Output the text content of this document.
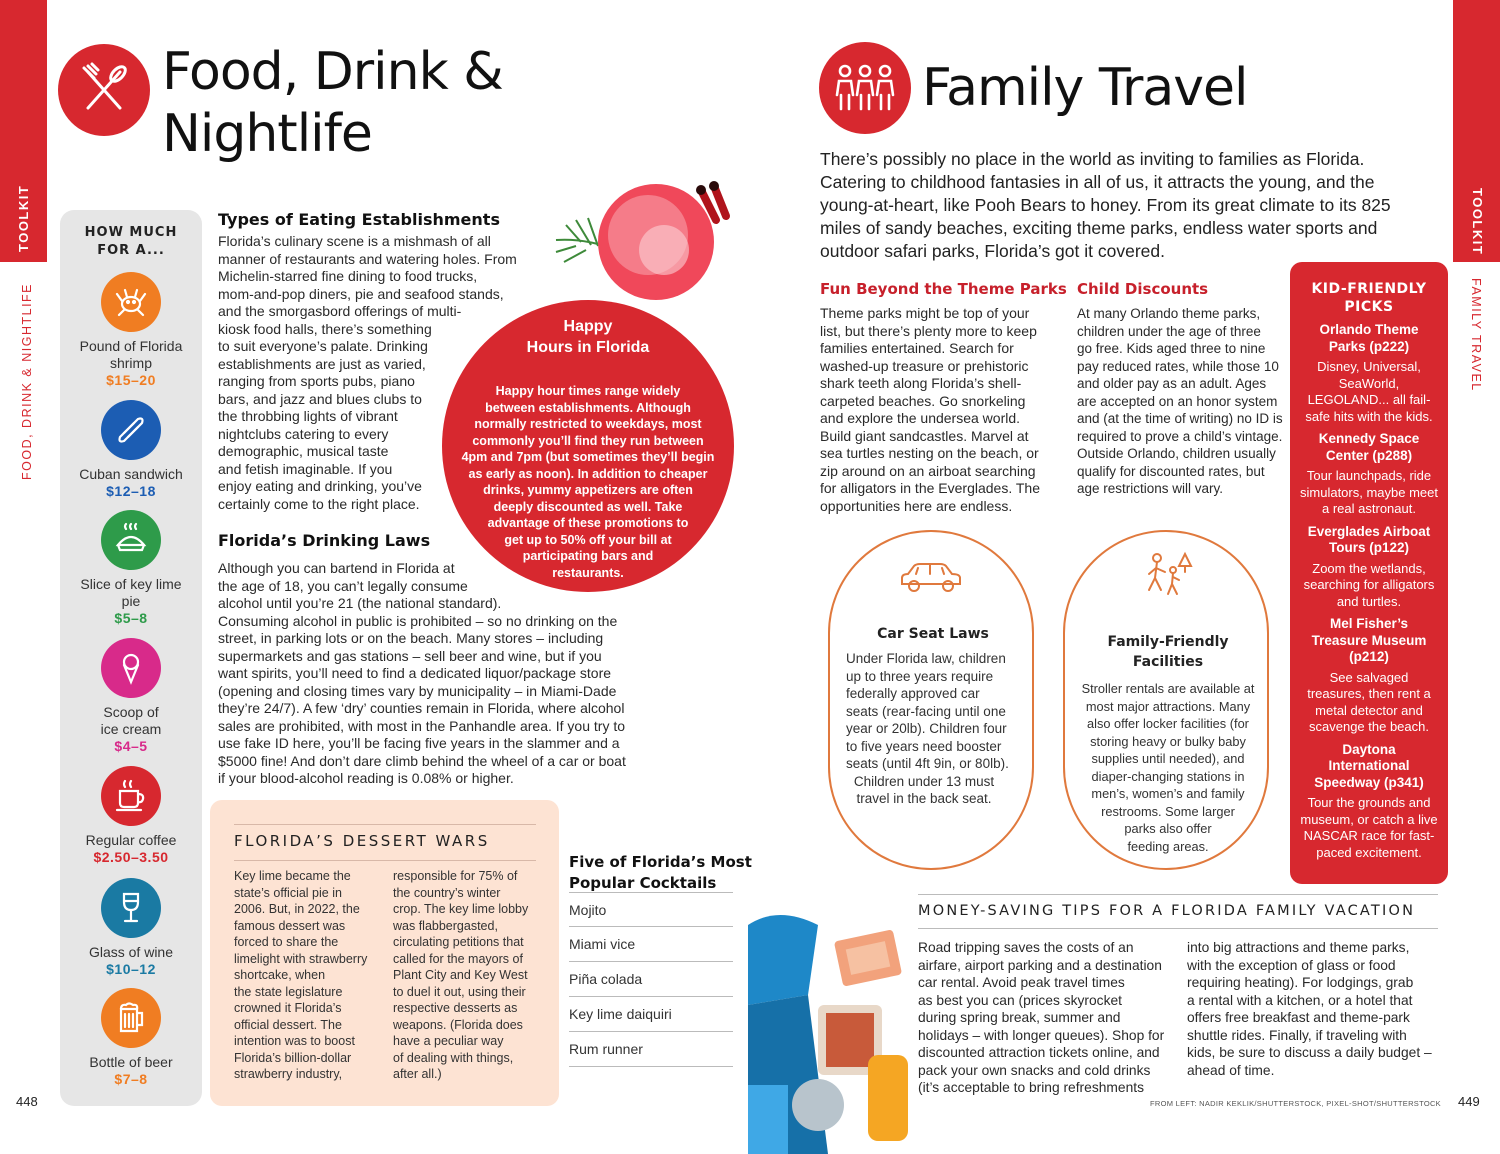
TOOLKIT
FOOD, DRINK & NIGHTLIFE
Food, Drink &
Nightlife
HOW MUCH
FOR A...
Pound of Florida shrimp
$15–20
Cuban sandwich
$12–18
Slice of key lime pie
$5–8
Scoop of ice cream
$4–5
Regular coffee
$2.50–3.50
Glass of wine
$10–12
Bottle of beer
$7–8
Types of Eating Establishments
Florida’s culinary scene is a mishmash of all
manner of restaurants and watering holes. From
Michelin-starred fine dining to food trucks,
mom-and-pop diners, pie and seafood stands,
and the smorgasbord offerings of multi-
kiosk food halls, there’s something
to suit everyone’s palate. Drinking
establishments are just as varied,
ranging from sports pubs, piano
bars, and jazz and blues clubs to
the throbbing lights of vibrant
nightclubs catering to every
demographic, musical taste
and fetish imaginable. If you
enjoy eating and drinking, you’ve
certainly come to the right place.
Happy
Hours in Florida
Happy hour times range widely
between establishments. Although
normally restricted to weekdays, most
commonly you’ll find they run between
4pm and 7pm (but sometimes they’ll begin
as early as noon). In addition to cheaper
drinks, yummy appetizers are often
deeply discounted as well. Take
advantage of these promotions to
get up to 50% off your bill at
participating bars and
restaurants.
Florida’s Drinking Laws
Although you can bartend in Florida at
the age of 18, you can’t legally consume
alcohol until you’re 21 (the national standard).
Consuming alcohol in public is prohibited – so no drinking on the
street, in parking lots or on the beach. Many stores – including
supermarkets and gas stations – sell beer and wine, but if you
want spirits, you’ll need to find a dedicated liquor/package store
(opening and closing times vary by municipality – in Miami-Dade
they’re 24/7). A few ‘dry’ counties remain in Florida, where alcohol
sales are prohibited, with most in the Panhandle area. If you try to
use fake ID here, you’ll be facing five years in the slammer and a
$5000 fine! And don’t dare climb behind the wheel of a car or boat
if your blood-alcohol reading is 0.08% or higher.
FLORIDA’S DESSERT WARS
Key lime became the
state’s official pie in
2006. But, in 2022, the
famous dessert was
forced to share the
limelight with strawberry
shortcake, when
the state legislature
crowned it Florida’s
official dessert. The
intention was to boost
Florida’s billion-dollar
strawberry industry,
responsible for 75% of
the country’s winter
crop. The key lime lobby
was flabbergasted,
circulating petitions that
called for the mayors of
Plant City and Key West
to duel it out, using their
respective desserts as
weapons. (Florida does
have a peculiar way
of dealing with things,
after all.)
Five of Florida’s Most
Popular Cocktails
Mojito
Miami vice
Piña colada
Key lime daiquiri
Rum runner
448
TOOLKIT
FAMILY TRAVEL
Family Travel
There’s possibly no place in the world as inviting to families as Florida.
Catering to childhood fantasies in all of us, it attracts the young, and the
young-at-heart, like Pooh Bears to honey. From its great climate to its 825
miles of sandy beaches, exciting theme parks, endless water sports and
outdoor safari parks, Florida’s got it covered.
Fun Beyond the Theme Parks
Theme parks might be top of your
list, but there’s plenty more to keep
families entertained. Search for
washed-up treasure or prehistoric
shark teeth along Florida’s shell-
carpeted beaches. Go snorkeling
and explore the undersea world.
Build giant sandcastles. Marvel at
sea turtles nesting on the beach, or
zip around on an airboat searching
for alligators in the Everglades. The
opportunities here are endless.
Child Discounts
At many Orlando theme parks,
children under the age of three
go free. Kids aged three to nine
pay reduced rates, while those 10
and older pay as an adult. Ages
are accepted on an honor system
and (at the time of writing) no ID is
required to prove a child’s vintage.
Outside Orlando, children usually
qualify for discounted rates, but
age restrictions will vary.
Car Seat Laws
Under Florida law, children
up to three years require
federally approved car
seats (rear-facing until one
year or 20lb). Children four
to five years need booster
seats (until 4ft 9in, or 80lb).
Children under 13 must
travel in the back seat.
Family-Friendly
Facilities
Stroller rentals are available at
most major attractions. Many
also offer locker facilities (for
storing heavy or bulky baby
supplies until needed), and
diaper-changing stations in
men’s, women’s and family
restrooms. Some larger
parks also offer
feeding areas.
KID-FRIENDLY
PICKS
Orlando Theme Parks (p222)
Disney, Universal, SeaWorld, LEGOLAND... all fail-safe hits with the kids.
Kennedy Space Center (p288)
Tour launchpads, ride simulators, maybe meet a real astronaut.
Everglades Airboat Tours (p122)
Zoom the wetlands, searching for alligators and turtles.
Mel Fisher’s Treasure Museum (p212)
See salvaged treasures, then rent a metal detector and scavenge the beach.
Daytona International Speedway (p341)
Tour the grounds and museum, or catch a live NASCAR race for fast-paced excitement.
MONEY-SAVING TIPS FOR A FLORIDA FAMILY VACATION
Road tripping saves the costs of an
airfare, airport parking and a destination
car rental. Avoid peak travel times
as best you can (prices skyrocket
during spring break, summer and
holidays – with longer queues). Shop for
discounted attraction tickets online, and
pack your own snacks and cold drinks
(it’s acceptable to bring refreshments
into big attractions and theme parks,
with the exception of glass or food
requiring heating). For lodgings, grab
a rental with a kitchen, or a hotel that
offers free breakfast and theme-park
shuttle rides. Finally, if traveling with
kids, be sure to discuss a daily budget –
ahead of time.
FROM LEFT: NADIR KEKLIK/SHUTTERSTOCK, PIXEL-SHOT/SHUTTERSTOCK 449
